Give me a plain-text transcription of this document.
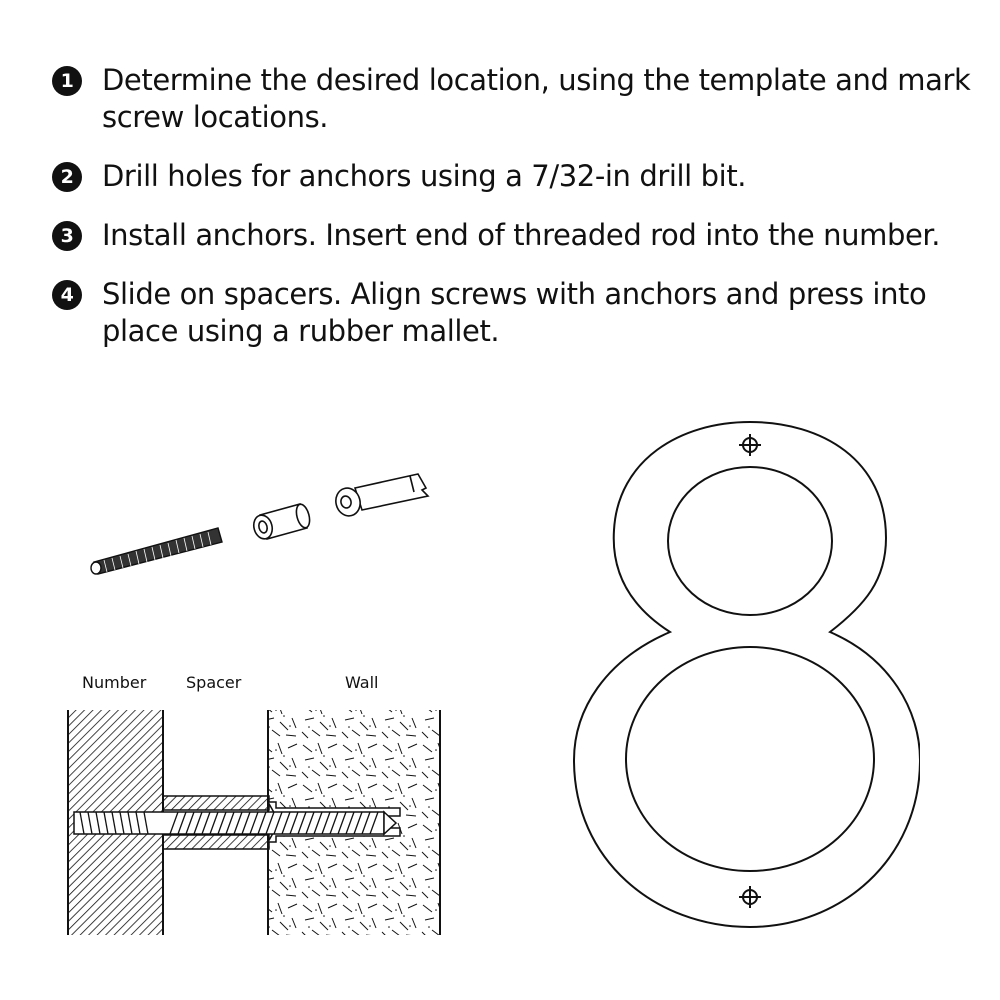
1 Determine the desired location, using the template and mark screw locations.
2 Drill holes for anchors using a 7/32-in drill bit.
3 Install anchors. Insert end of threaded rod into the number.
4 Slide on spacers. Align screws with anchors and press into place using a rubber mallet.
Number Spacer	Wall
